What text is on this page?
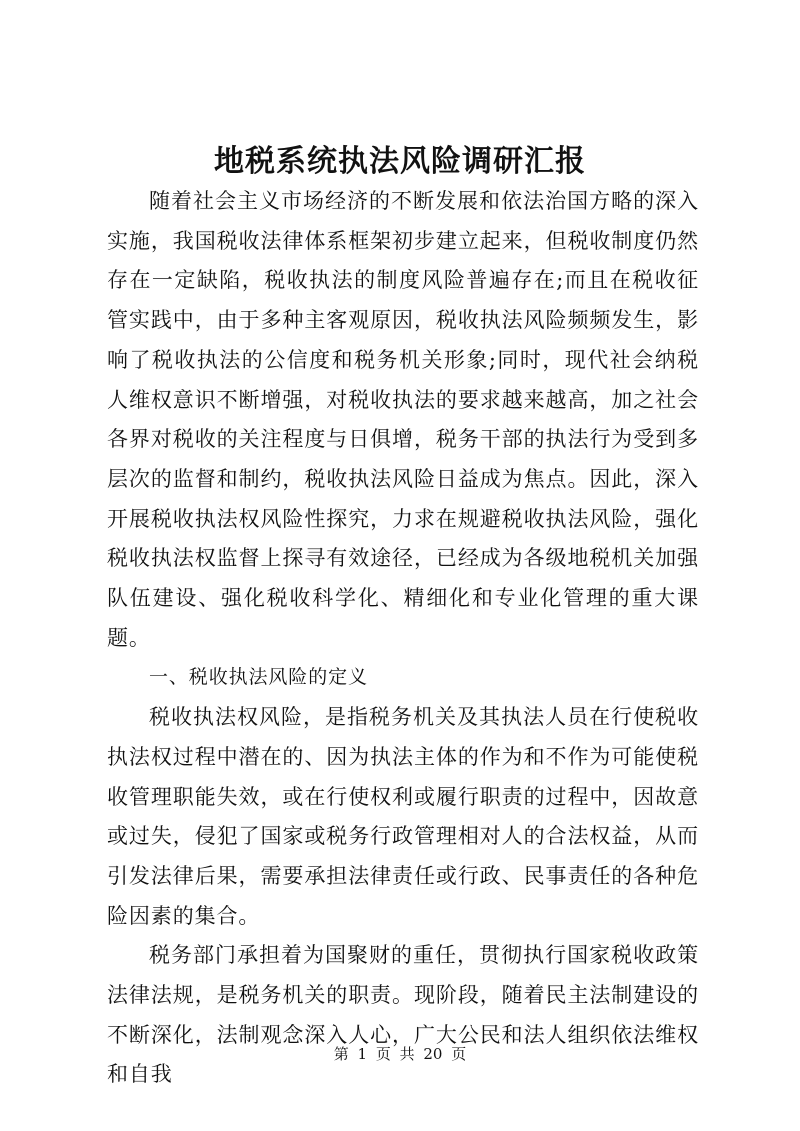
地税系统执法风险调研汇报

随着社会主义市场经济的不断发展和依法治国方略的深入实施，我国税收法律体系框架初步建立起来，但税收制度仍然存在一定缺陷，税收执法的制度风险普遍存在;而且在税收征管实践中，由于多种主客观原因，税收执法风险频频发生，影响了税收执法的公信度和税务机关形象;同时，现代社会纳税人维权意识不断增强，对税收执法的要求越来越高，加之社会各界对税收的关注程度与日俱增，税务干部的执法行为受到多层次的监督和制约，税收执法风险日益成为焦点。因此，深入开展税收执法权风险性探究，力求在规避税收执法风险，强化税收执法权监督上探寻有效途径，已经成为各级地税机关加强队伍建设、强化税收科学化、精细化和专业化管理的重大课题。

一、税收执法风险的定义

税收执法权风险，是指税务机关及其执法人员在行使税收执法权过程中潜在的、因为执法主体的作为和不作为可能使税收管理职能失效，或在行使权利或履行职责的过程中，因故意或过失，侵犯了国家或税务行政管理相对人的合法权益，从而引发法律后果，需要承担法律责任或行政、民事责任的各种危险因素的集合。

税务部门承担着为国聚财的重任，贯彻执行国家税收政策法律法规，是税务机关的职责。现阶段，随着民主法制建设的不断深化，法制观念深入人心，广大公民和法人组织依法维权和自我

第 1 页 共 20 页
